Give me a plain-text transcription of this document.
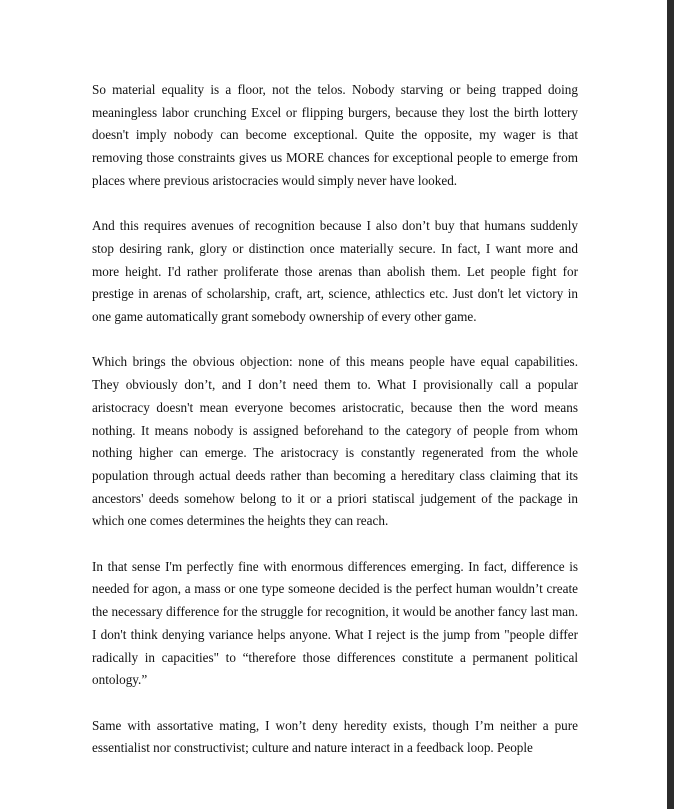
So material equality is a floor, not the telos. Nobody starving or being trapped doing meaningless labor crunching Excel or flipping burgers, because they lost the birth lottery doesn't imply nobody can become exceptional. Quite the opposite, my wager is that removing those constraints gives us MORE chances for exceptional people to emerge from places where previous aristocracies would simply never have looked.

And this requires avenues of recognition because I also don’t buy that humans suddenly stop desiring rank, glory or distinction once materially secure. In fact, I want more and more height. I'd rather proliferate those arenas than abolish them. Let people fight for prestige in arenas of scholarship, craft, art, science, athlectics etc. Just don't let victory in one game automatically grant somebody ownership of every other game.

Which brings the obvious objection: none of this means people have equal capabilities. They obviously don’t, and I don’t need them to. What I provisionally call a popular aristocracy doesn't mean everyone becomes aristocratic, because then the word means nothing. It means nobody is assigned beforehand to the category of people from whom nothing higher can emerge. The aristocracy is constantly regenerated from the whole population through actual deeds rather than becoming a hereditary class claiming that its ancestors' deeds somehow belong to it or a priori statiscal judgement of the package in which one comes determines the heights they can reach.

In that sense I'm perfectly fine with enormous differences emerging. In fact, difference is needed for agon, a mass or one type someone decided is the perfect human wouldn’t create the necessary difference for the struggle for recognition, it would be another fancy last man. I don't think denying variance helps anyone. What I reject is the jump from "people differ radically in capacities" to “therefore those differences constitute a permanent political ontology.”

Same with assortative mating, I won’t deny heredity exists, though I’m neither a pure essentialist nor constructivist; culture and nature interact in a feedback loop. People
